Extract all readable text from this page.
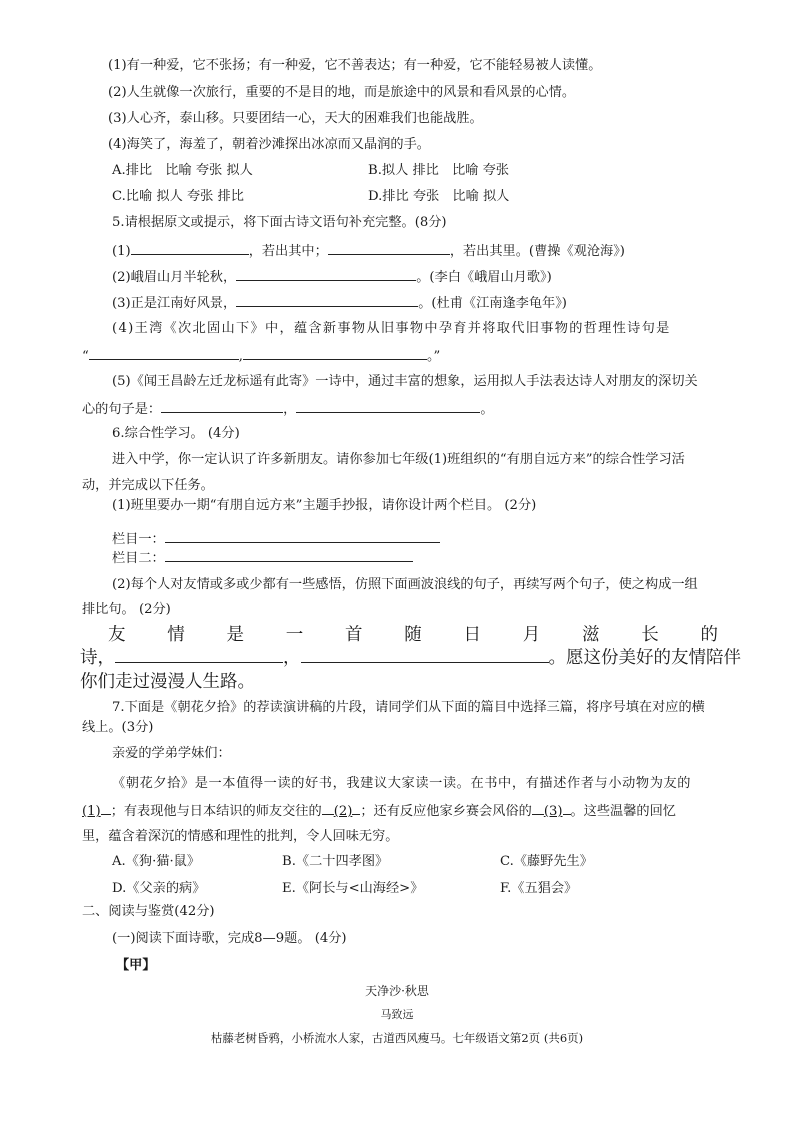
(1)有一种爱，它不张扬；有一种爱，它不善表达；有一种爱，它不能轻易被人读懂。
(2)人生就像一次旅行，重要的不是目的地，而是旅途中的风景和看风景的心情。
(3)人心齐，泰山移。只要团结一心，天大的困难我们也能战胜。
(4)海笑了，海羞了，朝着沙滩探出冰凉而又晶润的手。
A.排比　比喻 夸张 拟人	B.拟人 排比　比喻 夸张
C.比喻 拟人 夸张 排比	D.排比 夸张　比喻 拟人
5.请根据原文或提示，将下面古诗文语句补充完整。(8分)
(1)	，若出其中；	，若出其里。(曹操《观沧海》)
(2)峨眉山月半轮秋，	。(李白《峨眉山月歌》)
(3)正是江南好风景，	。(杜甫《江南逢李龟年》)
(4)王湾《次北固山下》中，蕴含新事物从旧事物中孕育并将取代旧事物的哲理性诗句是
“	,	。”
(5)《闻王昌龄左迁龙标遥有此寄》一诗中，通过丰富的想象，运用拟人手法表达诗人对朋友的深切关
心的句子是：	，	。
6.综合性学习。 (4分)
进入中学，你一定认识了许多新朋友。请你参加七年级(1)班组织的“有朋自远方来”的综合性学习活
动，并完成以下任务。
(1)班里要办一期“有朋自远方来”主题手抄报，请你设计两个栏目。 (2分)
栏目一：
栏目二：
(2)每个人对友情或多或少都有一些感悟，仿照下面画波浪线的句子，再续写两个句子，使之构成一组
排比句。 (2分)
友 情 是 一 首 随 日 月 滋 长 的
诗，	，	。愿这份美好的友情陪伴
你们走过漫漫人生路。
7.下面是《朝花夕拾》的荐读演讲稿的片段，请同学们从下面的篇目中选择三篇，将序号填在对应的横
线上。(3分)
亲爱的学弟学妹们：
《朝花夕拾》是一本值得一读的好书，我建议大家读一读。在书中，有描述作者与小动物为友的
(1) ；有表现他与日本结识的师友交往的 (2) ；还有反应他家乡赛会风俗的 (3) 。这些温馨的回忆
里，蕴含着深沉的情感和理性的批判，令人回味无穷。
A.《狗·猫·鼠》	B.《二十四孝图》	C.《藤野先生》
D.《父亲的病》	E.《阿长与<山海经>》	F.《五猖会》
二、阅读与鉴赏(42分)
(一)阅读下面诗歌，完成8—9题。 (4分)
【甲】
天净沙·秋思
马致远
枯藤老树昏鸦，小桥流水人家，古道西风瘦马。七年级语文第2页 (共6页)
